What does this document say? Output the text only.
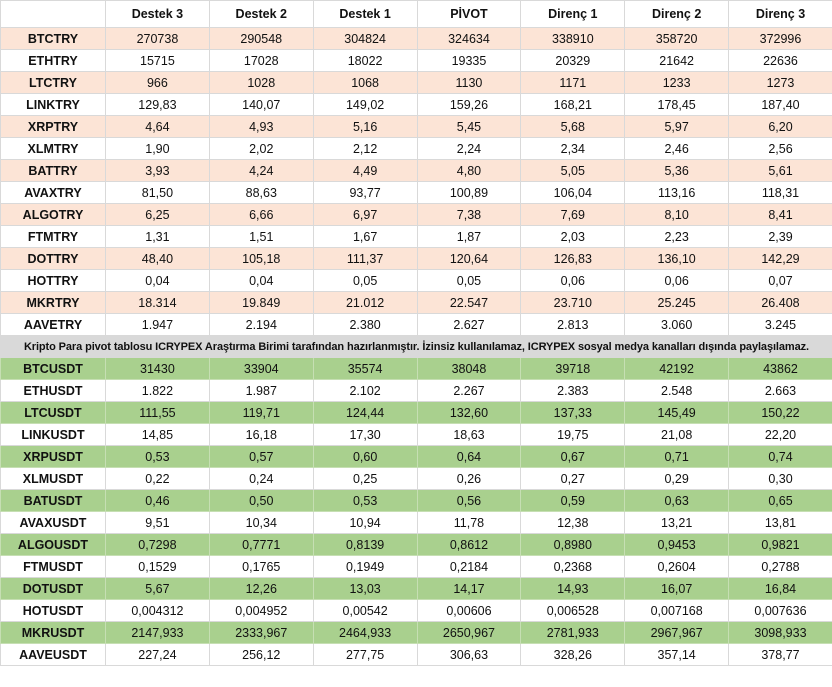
	Destek 3	Destek 2	Destek 1	PİVOT	Direnç 1	Direnç 2	Direnç 3
BTCTRY	270738	290548	304824	324634	338910	358720	372996
ETHTRY	15715	17028	18022	19335	20329	21642	22636
LTCTRY	966	1028	1068	1130	1171	1233	1273
LINKTRY	129,83	140,07	149,02	159,26	168,21	178,45	187,40
XRPTRY	4,64	4,93	5,16	5,45	5,68	5,97	6,20
XLMTRY	1,90	2,02	2,12	2,24	2,34	2,46	2,56
BATTRY	3,93	4,24	4,49	4,80	5,05	5,36	5,61
AVAXTRY	81,50	88,63	93,77	100,89	106,04	113,16	118,31
ALGOTRY	6,25	6,66	6,97	7,38	7,69	8,10	8,41
FTMTRY	1,31	1,51	1,67	1,87	2,03	2,23	2,39
DOTTRY	48,40	105,18	111,37	120,64	126,83	136,10	142,29
HOTTRY	0,04	0,04	0,05	0,05	0,06	0,06	0,07
MKRTRY	18.314	19.849	21.012	22.547	23.710	25.245	26.408
AAVETRY	1.947	2.194	2.380	2.627	2.813	3.060	3.245
Kripto Para pivot tablosu ICRYPEX Araştırma Birimi tarafından hazırlanmıştır. İzinsiz kullanılamaz, ICRYPEX sosyal medya kanalları dışında paylaşılamaz.							
BTCUSDT	31430	33904	35574	38048	39718	42192	43862
ETHUSDT	1.822	1.987	2.102	2.267	2.383	2.548	2.663
LTCUSDT	111,55	119,71	124,44	132,60	137,33	145,49	150,22
LINKUSDT	14,85	16,18	17,30	18,63	19,75	21,08	22,20
XRPUSDT	0,53	0,57	0,60	0,64	0,67	0,71	0,74
XLMUSDT	0,22	0,24	0,25	0,26	0,27	0,29	0,30
BATUSDT	0,46	0,50	0,53	0,56	0,59	0,63	0,65
AVAXUSDT	9,51	10,34	10,94	11,78	12,38	13,21	13,81
ALGOUSDT	0,7298	0,7771	0,8139	0,8612	0,8980	0,9453	0,9821
FTMUSDT	0,1529	0,1765	0,1949	0,2184	0,2368	0,2604	0,2788
DOTUSDT	5,67	12,26	13,03	14,17	14,93	16,07	16,84
HOTUSDT	0,004312	0,004952	0,00542	0,00606	0,006528	0,007168	0,007636
MKRUSDT	2147,933	2333,967	2464,933	2650,967	2781,933	2967,967	3098,933
AAVEUSDT	227,24	256,12	277,75	306,63	328,26	357,14	378,77
